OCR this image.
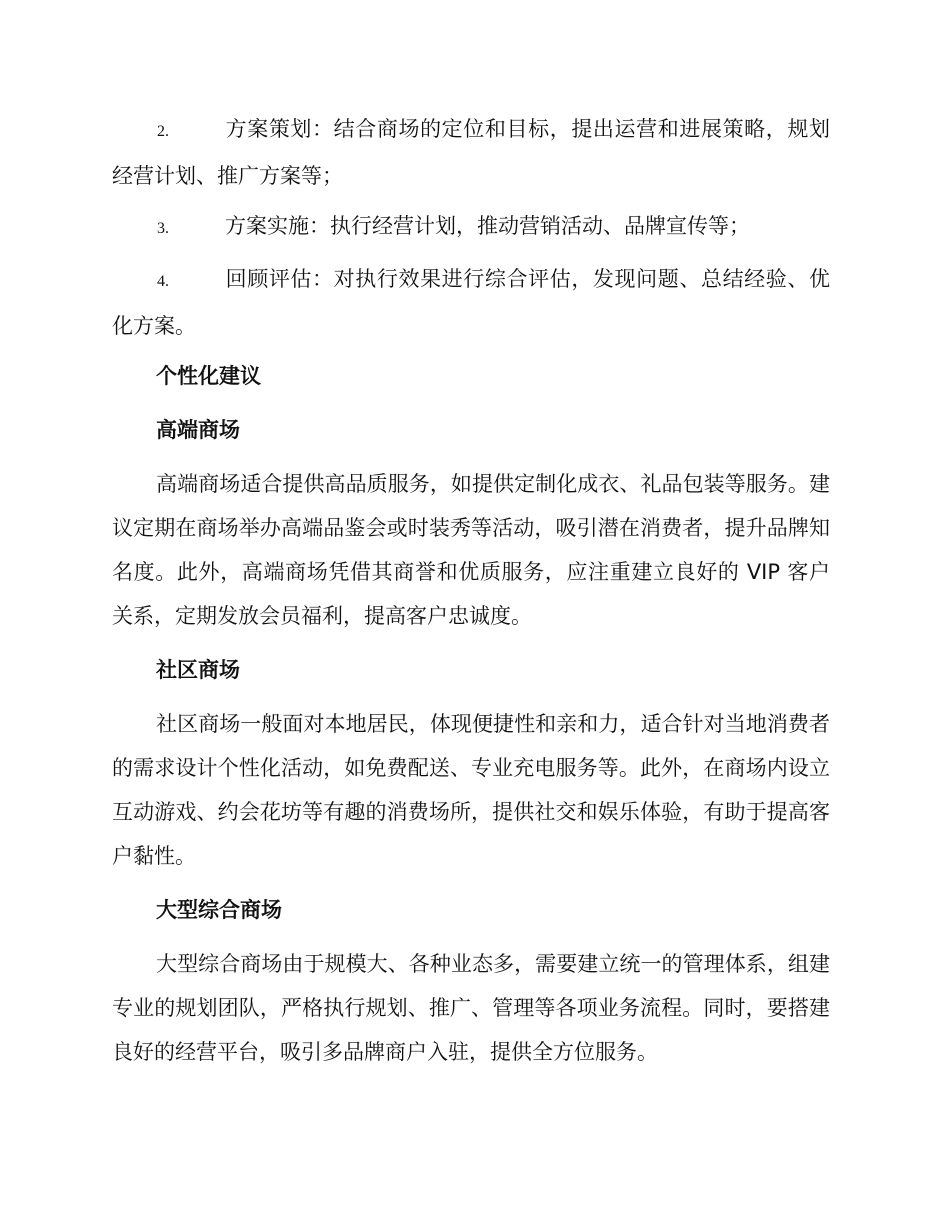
2.	方案策划：结合商场的定位和目标，提出运营和进展策略，规划经营计划、推广方案等；

3.	方案实施：执行经营计划，推动营销活动、品牌宣传等；

4.	回顾评估：对执行效果进行综合评估，发现问题、总结经验、优化方案。

个性化建议

高端商场

高端商场适合提供高品质服务，如提供定制化成衣、礼品包装等服务。建议定期在商场举办高端品鉴会或时装秀等活动，吸引潜在消费者，提升品牌知名度。此外，高端商场凭借其商誉和优质服务，应注重建立良好的 VIP 客户关系，定期发放会员福利，提高客户忠诚度。

社区商场

社区商场一般面对本地居民，体现便捷性和亲和力，适合针对当地消费者的需求设计个性化活动，如免费配送、专业充电服务等。此外，在商场内设立互动游戏、约会花坊等有趣的消费场所，提供社交和娱乐体验，有助于提高客户黏性。

大型综合商场

大型综合商场由于规模大、各种业态多，需要建立统一的管理体系，组建专业的规划团队，严格执行规划、推广、管理等各项业务流程。同时，要搭建良好的经营平台，吸引多品牌商户入驻，提供全方位服务。
